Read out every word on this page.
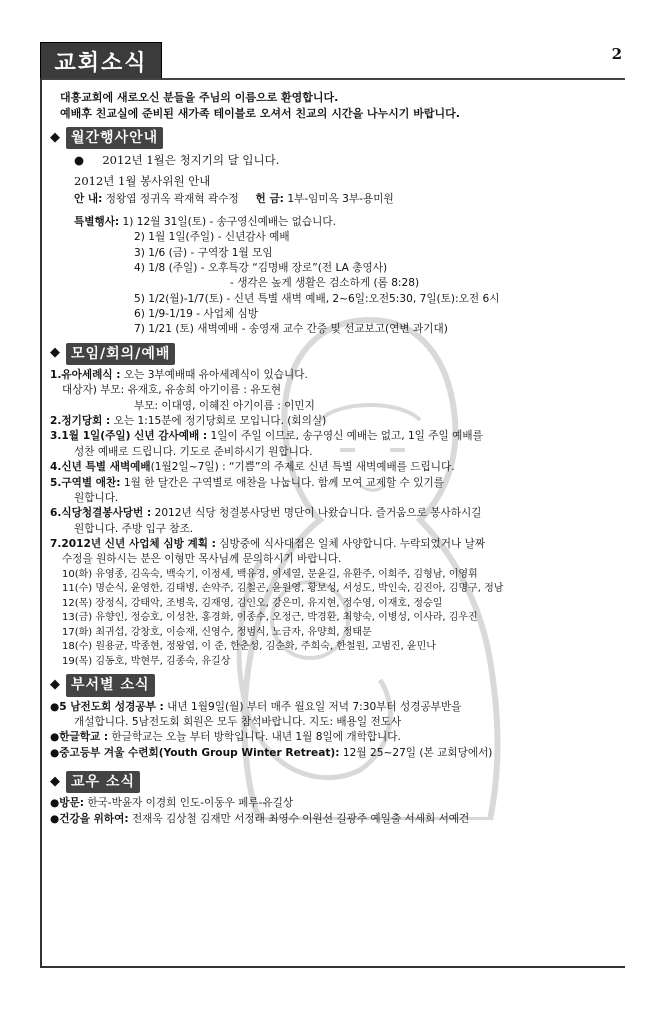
교회소식	2
대흥교회에 새로오신 분들을 주님의 이름으로 환영합니다.
예배후 친교실에 준비된 새가족 테이블로 오셔서 친교의 시간을 나누시기 바랍니다.
◆ 월간행사안내
● 2012년 1월은 청지기의 달 입니다.
2012년 1월 봉사위원 안내
안 내: 정왕엽 정귀옥 곽재혁 곽수정 헌 금: 1부-임미옥 3부-용미원
특별행사: 1) 12월 31일(토) - 송구영신예배는 없습니다.
2) 1월 1일(주일) - 신년감사 예배
3) 1/6 (금) - 구역장 1월 모임
4) 1/8 (주일) - 오후특강 “김명배 장로”(전 LA 총영사)
- 생각은 높게 생활은 검소하게 (롬 8:28)
5) 1/2(월)-1/7(토) - 신년 특별 새벽 예배, 2~6일:오전5:30, 7일(토):오전 6시
6) 1/9-1/19 - 사업체 심방
7) 1/21 (토) 새벽예배 - 송영재 교수 간증 및 선교보고(연변 과기대)
◆ 모임/회의/예배
1.유아세례식 : 오는 3부예배때 유아세례식이 있습니다.
대상자) 부모: 유재호, 유송희 아기이름 : 유도현
부모: 이대영, 이혜진 아기이름 : 이민지
2.정기당회 : 오는 1:15분에 정기당회로 모입니다. (회의실)
3.1월 1일(주일) 신년 감사예배 : 1일이 주일 이므로, 송구영신 예배는 없고, 1일 주일 예배를
성찬 예배로 드립니다. 기도로 준비하시기 원합니다.
4.신년 특별 새벽예배(1월2일~7일) : “기쁨”의 주제로 신년 특별 새벽예배를 드립니다.
5.구역별 애찬: 1월 한 달간은 구역별로 애찬을 나눕니다. 함께 모여 교제할 수 있기를
원합니다.
6.식당청결봉사당번 : 2012년 식당 청결봉사당번 명단이 나왔습니다. 즐거움으로 봉사하시길
원합니다. 주방 입구 참조.
7.2012년 신년 사업체 심방 계획 : 심방중에 식사대접은 일체 사양합니다. 누락되었거나 날짜
수정을 원하시는 분은 이형만 목사님께 문의하시기 바랍니다.
10(화) 유영종, 김옥숙, 백숙기, 이정세, 백유경, 이세열, 문윤길, 유환주, 이희주, 김형남, 이영휘
11(수) 명순식, 윤영한, 김태병, 손약주, 김철곤, 윤원영, 황보성, 서성도, 박인숙, 김진아, 김명구, 정남
12(목) 장정식, 강태악, 조병욱, 김재영, 김인오, 강은미, 유지현, 정수영, 이재호, 정승일
13(금) 유향인, 정승호, 이성찬, 홍경화, 이종수, 오정근, 박경환, 최향숙, 이병성, 이사라, 김우진
17(화) 최귀섭, 강창호, 이승재, 신영수, 정범식, 노금자, 유양희, 정태문
18(수) 원용균, 박종현, 정왕엽, 이 준, 한춘성, 김순화, 주희숙, 한철원, 고범진, 윤민나
19(목) 김동호, 박현무, 김종숙, 유길상
◆ 부서별 소식
●5 남전도회 성경공부 : 내년 1월9일(월) 부터 매주 월요일 저녁 7:30부터 성경공부반을
개설합니다. 5남전도회 회원은 모두 참석바랍니다. 지도: 배용일 전도사
●한글학교 : 한글학교는 오늘 부터 방학입니다. 내년 1월 8일에 개학합니다.
●중고등부 겨울 수련회(Youth Group Winter Retreat): 12월 25~27일 (본 교회당에서)
◆ 교우 소식
●방문: 한국-박윤자 이경희 인도-이동우 페루-유길상
●건강을 위하여: 전재욱 김상철 김재만 서정래 최영수 이원선 길광주 예일출 서세희 서예건
